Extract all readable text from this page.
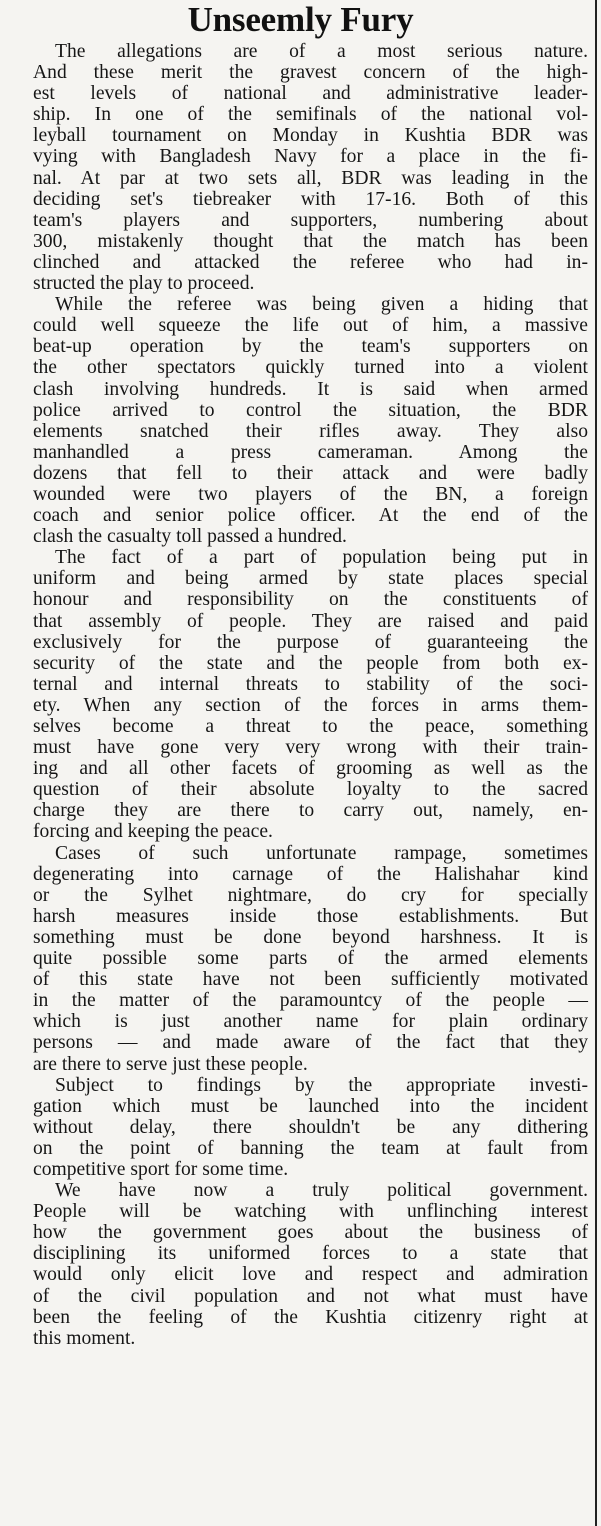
Unseemly Fury

The allegations are of a most serious nature.
And these merit the gravest concern of the high-
est levels of national and administrative leader-
ship. In one of the semifinals of the national vol-
leyball tournament on Monday in Kushtia BDR was
vying with Bangladesh Navy for a place in the fi-
nal. At par at two sets all, BDR was leading in the
deciding set's tiebreaker with 17-16. Both of this
team's players and supporters, numbering about
300, mistakenly thought that the match has been
clinched and attacked the referee who had in-
structed the play to proceed.

While the referee was being given a hiding that
could well squeeze the life out of him, a massive
beat-up operation by the team's supporters on
the other spectators quickly turned into a violent
clash involving hundreds. It is said when armed
police arrived to control the situation, the BDR
elements snatched their rifles away. They also
manhandled a press cameraman. Among the
dozens that fell to their attack and were badly
wounded were two players of the BN, a foreign
coach and senior police officer. At the end of the
clash the casualty toll passed a hundred.

The fact of a part of population being put in
uniform and being armed by state places special
honour and responsibility on the constituents of
that assembly of people. They are raised and paid
exclusively for the purpose of guaranteeing the
security of the state and the people from both ex-
ternal and internal threats to stability of the soci-
ety. When any section of the forces in arms them-
selves become a threat to the peace, something
must have gone very very wrong with their train-
ing and all other facets of grooming as well as the
question of their absolute loyalty to the sacred
charge they are there to carry out, namely, en-
forcing and keeping the peace.

Cases of such unfortunate rampage, sometimes
degenerating into carnage of the Halishahar kind
or the Sylhet nightmare, do cry for specially
harsh measures inside those establishments. But
something must be done beyond harshness. It is
quite possible some parts of the armed elements
of this state have not been sufficiently motivated
in the matter of the paramountcy of the people —
which is just another name for plain ordinary
persons — and made aware of the fact that they
are there to serve just these people.

Subject to findings by the appropriate investi-
gation which must be launched into the incident
without delay, there shouldn't be any dithering
on the point of banning the team at fault from
competitive sport for some time.

We have now a truly political government.
People will be watching with unflinching interest
how the government goes about the business of
disciplining its uniformed forces to a state that
would only elicit love and respect and admiration
of the civil population and not what must have
been the feeling of the Kushtia citizenry right at
this moment.
